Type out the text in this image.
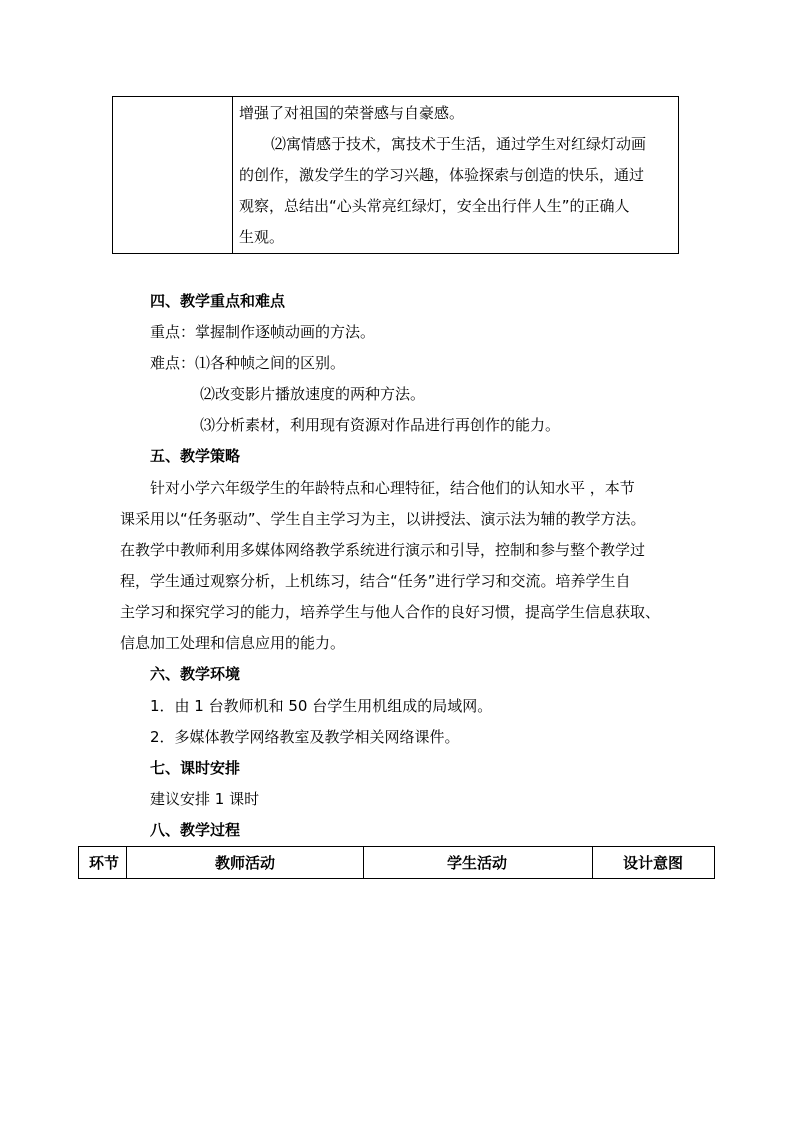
增强了对祖国的荣誉感与自豪感。
⑵寓情感于技术，寓技术于生活，通过学生对红绿灯动画
的创作，激发学生的学习兴趣，体验探索与创造的快乐，通过
观察，总结出“心头常亮红绿灯，安全出行伴人生”的正确人
生观。
四、教学重点和难点
重点：掌握制作逐帧动画的方法。
难点：⑴各种帧之间的区别。
⑵改变影片播放速度的两种方法。
⑶分析素材，利用现有资源对作品进行再创作的能力。
五、教学策略
针对小学六年级学生的年龄特点和心理特征，结合他们的认知水平 ，本节
课采用以“任务驱动”、学生自主学习为主，以讲授法、演示法为辅的教学方法。
在教学中教师利用多媒体网络教学系统进行演示和引导，控制和参与整个教学过
程，学生通过观察分析，上机练习，结合“任务”进行学习和交流。培养学生自
主学习和探究学习的能力，培养学生与他人合作的良好习惯，提高学生信息获取、
信息加工处理和信息应用的能力。
六、教学环境
1．由 1 台教师机和 50 台学生用机组成的局域网。
2．多媒体教学网络教室及教学相关网络课件。
七、课时安排
建议安排 1 课时
八、教学过程
环节	教师活动	学生活动	设计意图
